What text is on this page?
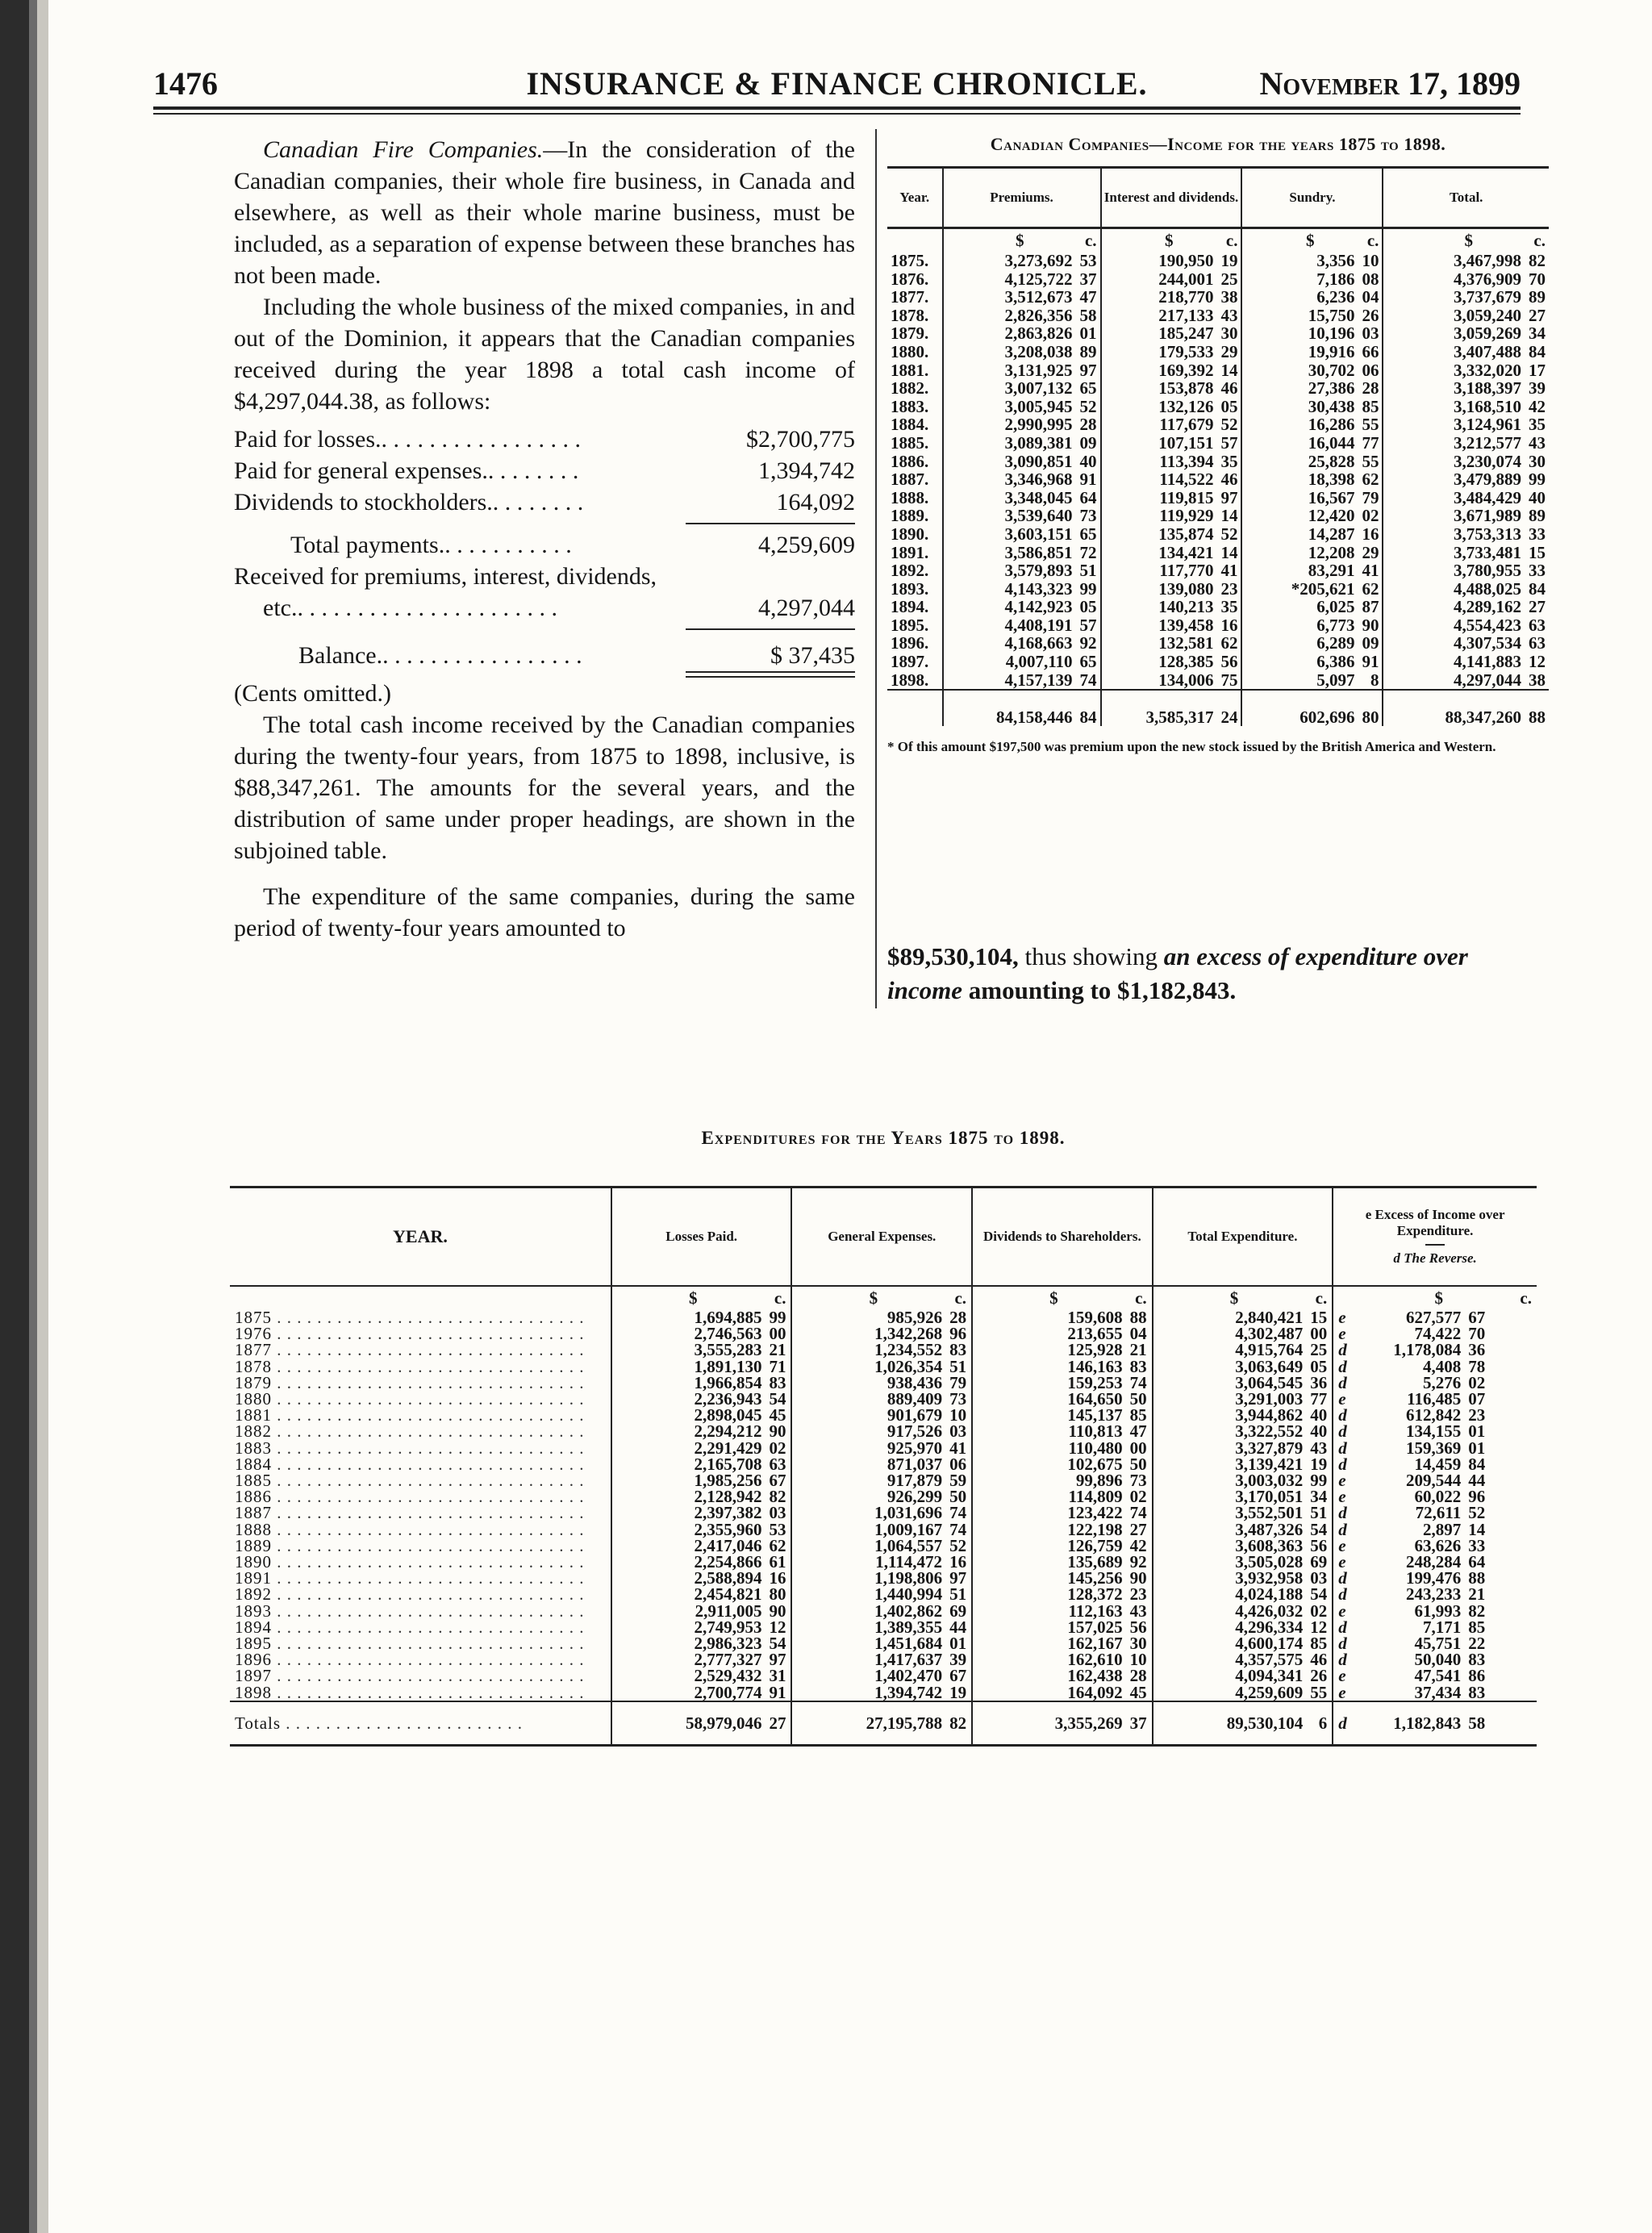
1476	INSURANCE & FINANCE CHRONICLE.	November 17, 1899

Canadian Fire Companies.—In the consideration of the Canadian companies, their whole fire business, in Canada and elsewhere, as well as their whole marine business, must be included, as a separation of expense between these branches has not been made.

Including the whole business of the mixed companies, in and out of the Dominion, it appears that the Canadian companies received during the year 1898 a total cash income of $4,297,044.38, as follows:

Paid for losses.. . . . . . . . . . . . . . . . .	$2,700,775
Paid for general expenses.. . . . . . . .	1,394,742
Dividends to stockholders.. . . . . . . .	164,092
Total payments.. . . . . . . . . . .	4,259,609
Received for premiums, interest, dividends,
etc.. . . . . . . . . . . . . . . . . . . . . .	4,297,044
Balance.. . . . . . . . . . . . . . . . .	$ 37,435

(Cents omitted.)

The total cash income received by the Canadian companies during the twenty-four years, from 1875 to 1898, inclusive, is $88,347,261. The amounts for the several years, and the distribution of same under proper headings, are shown in the subjoined table.

The expenditure of the same companies, during the same period of twenty-four years amounted to

Canadian Companies—Income for the years 1875 to 1898.
Year.	Premiums.	Interest and dividends.	Sundry.	Total.
	$ c.	$ c.	$ c.	$ c.
1875.	3,273,692 53	190,950 19	3,356 10	3,467,998 82
1876.	4,125,722 37	244,001 25	7,186 08	4,376,909 70
1877.	3,512,673 47	218,770 38	6,236 04	3,737,679 89
1878.	2,826,356 58	217,133 43	15,750 26	3,059,240 27
1879.	2,863,826 01	185,247 30	10,196 03	3,059,269 34
1880.	3,208,038 89	179,533 29	19,916 66	3,407,488 84
1881.	3,131,925 97	169,392 14	30,702 06	3,332,020 17
1882.	3,007,132 65	153,878 46	27,386 28	3,188,397 39
1883.	3,005,945 52	132,126 05	30,438 85	3,168,510 42
1884.	2,990,995 28	117,679 52	16,286 55	3,124,961 35
1885.	3,089,381 09	107,151 57	16,044 77	3,212,577 43
1886.	3,090,851 40	113,394 35	25,828 55	3,230,074 30
1887.	3,346,968 91	114,522 46	18,398 62	3,479,889 99
1888.	3,348,045 64	119,815 97	16,567 79	3,484,429 40
1889.	3,539,640 73	119,929 14	12,420 02	3,671,989 89
1890.	3,603,151 65	135,874 52	14,287 16	3,753,313 33
1891.	3,586,851 72	134,421 14	12,208 29	3,733,481 15
1892.	3,579,893 51	117,770 41	83,291 41	3,780,955 33
1893.	4,143,323 99	139,080 23	*205,621 62	4,488,025 84
1894.	4,142,923 05	140,213 35	6,025 87	4,289,162 27
1895.	4,408,191 57	139,458 16	6,773 90	4,554,423 63
1896.	4,168,663 92	132,581 62	6,289 09	4,307,534 63
1897.	4,007,110 65	128,385 56	6,386 91	4,141,883 12
1898.	4,157,139 74	134,006 75	5,097 8	4,297,044 38
	84,158,446 84	3,585,317 24	602,696 80	88,347,260 88
* Of this amount $197,500 was premium upon the new stock issued by the British America and Western.
$89,530,104, thus showing an excess of expenditure over income amounting to $1,182,843.
Expenditures for the Years 1875 to 1898.
YEAR.	Losses Paid.	General Expenses.	Dividends to Shareholders.	Total Expenditure.	e Excess of Income over Expenditure.
d The Reverse.

	$ c.	$ c.	$ c.	$ c.	$ c.
1875 . . . . . . . . . . . . . . . . . . . . . . . . . . . . . . .	1,694,885 99	985,926 28	159,608 88	2,840,421 15	e 627,577 67
1976 . . . . . . . . . . . . . . . . . . . . . . . . . . . . . . .	2,746,563 00	1,342,268 96	213,655 04	4,302,487 00	e 74,422 70
1877 . . . . . . . . . . . . . . . . . . . . . . . . . . . . . . .	3,555,283 21	1,234,552 83	125,928 21	4,915,764 25	d 1,178,084 36
1878 . . . . . . . . . . . . . . . . . . . . . . . . . . . . . . .	1,891,130 71	1,026,354 51	146,163 83	3,063,649 05	d 4,408 78
1879 . . . . . . . . . . . . . . . . . . . . . . . . . . . . . . .	1,966,854 83	938,436 79	159,253 74	3,064,545 36	d 5,276 02
1880 . . . . . . . . . . . . . . . . . . . . . . . . . . . . . . .	2,236,943 54	889,409 73	164,650 50	3,291,003 77	e 116,485 07
1881 . . . . . . . . . . . . . . . . . . . . . . . . . . . . . . .	2,898,045 45	901,679 10	145,137 85	3,944,862 40	d 612,842 23
1882 . . . . . . . . . . . . . . . . . . . . . . . . . . . . . . .	2,294,212 90	917,526 03	110,813 47	3,322,552 40	d 134,155 01
1883 . . . . . . . . . . . . . . . . . . . . . . . . . . . . . . .	2,291,429 02	925,970 41	110,480 00	3,327,879 43	d 159,369 01
1884 . . . . . . . . . . . . . . . . . . . . . . . . . . . . . . .	2,165,708 63	871,037 06	102,675 50	3,139,421 19	d 14,459 84
1885 . . . . . . . . . . . . . . . . . . . . . . . . . . . . . . .	1,985,256 67	917,879 59	99,896 73	3,003,032 99	e 209,544 44
1886 . . . . . . . . . . . . . . . . . . . . . . . . . . . . . . .	2,128,942 82	926,299 50	114,809 02	3,170,051 34	e 60,022 96
1887 . . . . . . . . . . . . . . . . . . . . . . . . . . . . . . .	2,397,382 03	1,031,696 74	123,422 74	3,552,501 51	d 72,611 52
1888 . . . . . . . . . . . . . . . . . . . . . . . . . . . . . . .	2,355,960 53	1,009,167 74	122,198 27	3,487,326 54	d 2,897 14
1889 . . . . . . . . . . . . . . . . . . . . . . . . . . . . . . .	2,417,046 62	1,064,557 52	126,759 42	3,608,363 56	e 63,626 33
1890 . . . . . . . . . . . . . . . . . . . . . . . . . . . . . . .	2,254,866 61	1,114,472 16	135,689 92	3,505,028 69	e 248,284 64
1891 . . . . . . . . . . . . . . . . . . . . . . . . . . . . . . .	2,588,894 16	1,198,806 97	145,256 90	3,932,958 03	d 199,476 88
1892 . . . . . . . . . . . . . . . . . . . . . . . . . . . . . . .	2,454,821 80	1,440,994 51	128,372 23	4,024,188 54	d 243,233 21
1893 . . . . . . . . . . . . . . . . . . . . . . . . . . . . . . .	2,911,005 90	1,402,862 69	112,163 43	4,426,032 02	e 61,993 82
1894 . . . . . . . . . . . . . . . . . . . . . . . . . . . . . . .	2,749,953 12	1,389,355 44	157,025 56	4,296,334 12	d 7,171 85
1895 . . . . . . . . . . . . . . . . . . . . . . . . . . . . . . .	2,986,323 54	1,451,684 01	162,167 30	4,600,174 85	d 45,751 22
1896 . . . . . . . . . . . . . . . . . . . . . . . . . . . . . . .	2,777,327 97	1,417,637 39	162,610 10	4,357,575 46	d 50,040 83
1897 . . . . . . . . . . . . . . . . . . . . . . . . . . . . . . .	2,529,432 31	1,402,470 67	162,438 28	4,094,341 26	e 47,541 86
1898 . . . . . . . . . . . . . . . . . . . . . . . . . . . . . . .	2,700,774 91	1,394,742 19	164,092 45	4,259,609 55	e 37,434 83
Totals . . . . . . . . . . . . . . . . . . . . . . . .	58,979,046 27	27,195,788 82	3,355,269 37	89,530,104 6	d 1,182,843 58
